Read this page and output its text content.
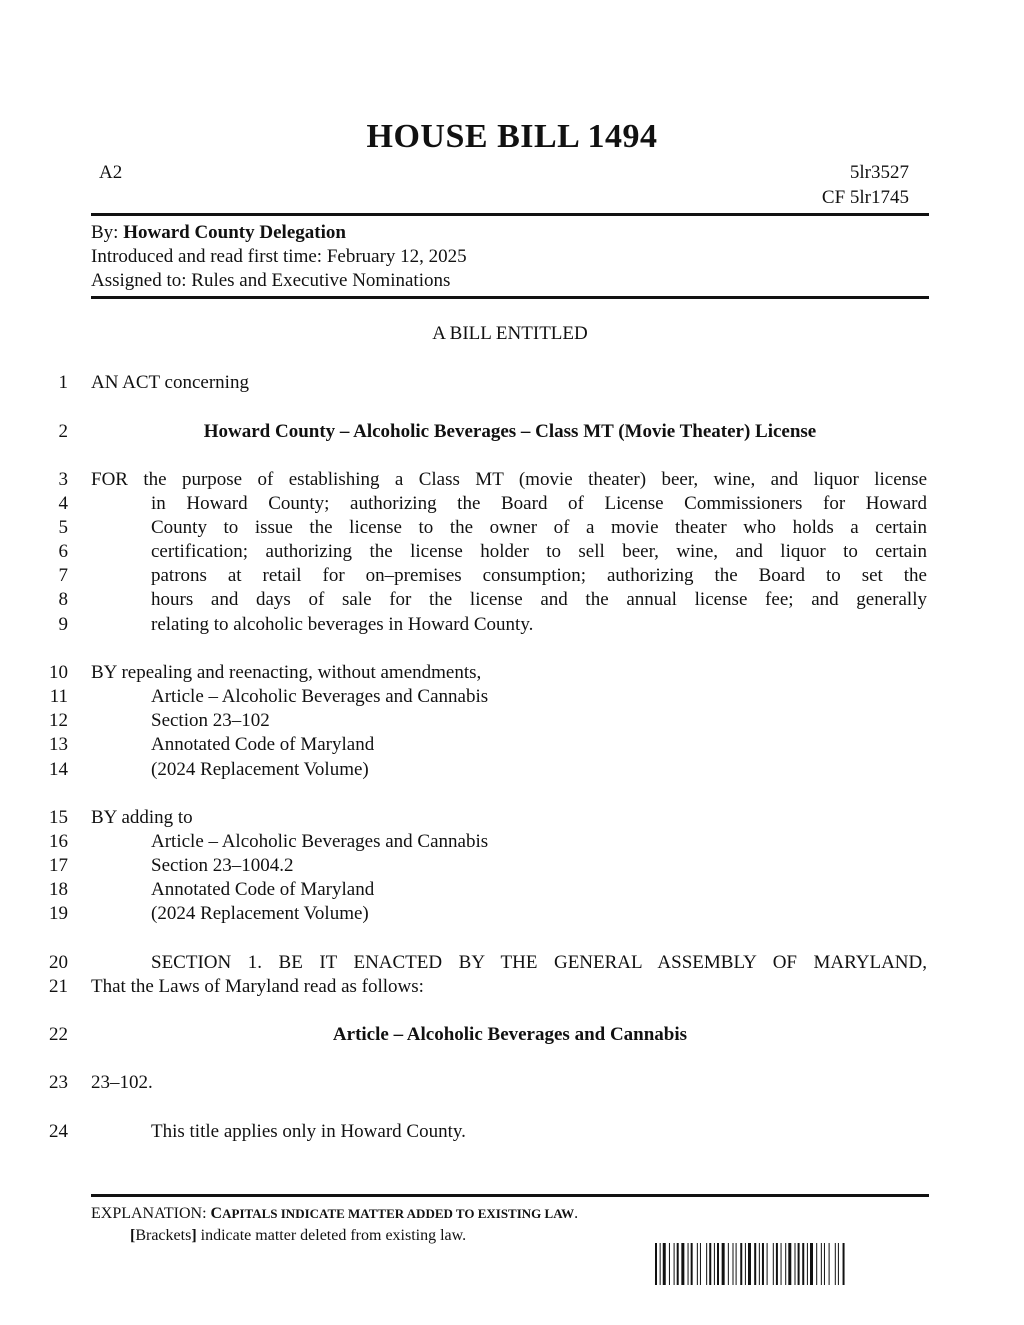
HOUSE BILL 1494
A2	5lr3527
CF 5lr1745
By: Howard County Delegation
Introduced and read first time: February 12, 2025
Assigned to: Rules and Executive Nominations
A BILL ENTITLED
1
2
3
4
5
6
7
8
9
10
11
12
13
14
15
16
17
18
19
20
21
22
23
24
AN ACT concerning
Howard County – Alcoholic Beverages – Class MT (Movie Theater) License
FOR the purpose of establishing a Class MT (movie theater) beer, wine, and liquor license
in Howard County; authorizing the Board of License Commissioners for Howard
County to issue the license to the owner of a movie theater who holds a certain
certification; authorizing the license holder to sell beer, wine, and liquor to certain
patrons at retail for on–premises consumption; authorizing the Board to set the
hours and days of sale for the license and the annual license fee; and generally
relating to alcoholic beverages in Howard County.
BY repealing and reenacting, without amendments,
Article – Alcoholic Beverages and Cannabis
Section 23–102
Annotated Code of Maryland
(2024 Replacement Volume)
BY adding to
Article – Alcoholic Beverages and Cannabis
Section 23–1004.2
Annotated Code of Maryland
(2024 Replacement Volume)
SECTION 1. BE IT ENACTED BY THE GENERAL ASSEMBLY OF MARYLAND,
That the Laws of Maryland read as follows:
Article – Alcoholic Beverages and Cannabis
23–102.
This title applies only in Howard County.
EXPLANATION: CAPITALS INDICATE MATTER ADDED TO EXISTING LAW.
[Brackets] indicate matter deleted from existing law.
